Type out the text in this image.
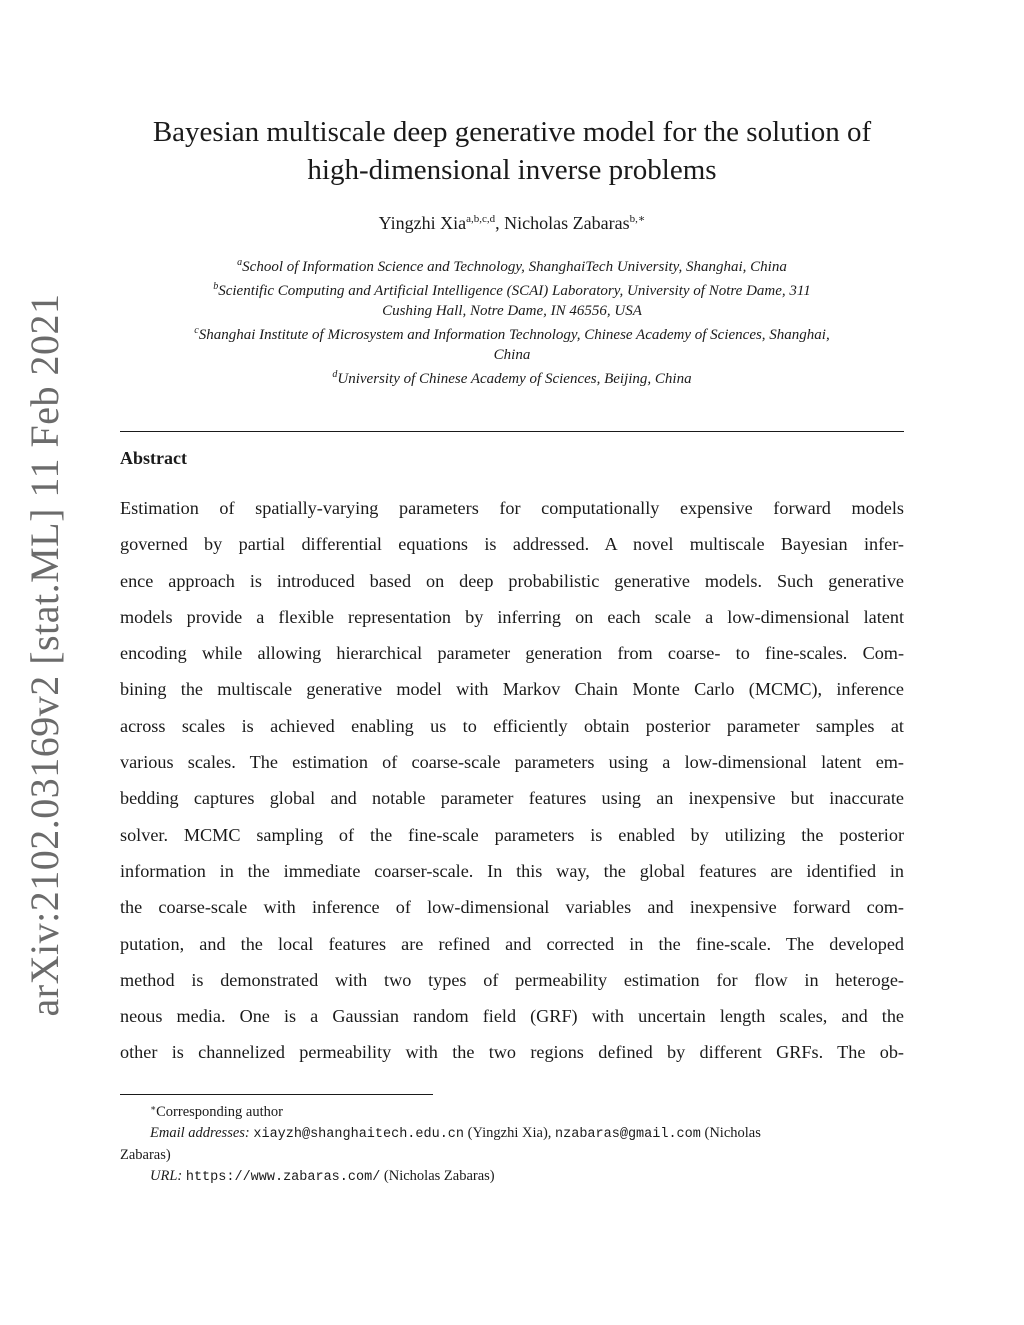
arXiv:2102.03169v2 [stat.ML] 11 Feb 2021
Bayesian multiscale deep generative model for the solution of
high-dimensional inverse problems
Yingzhi Xia$^{a,b,c,d}$, Nicholas Zabaras$^{b,∗}$
$^a$School of Information Science and Technology, ShanghaiTech University, Shanghai, China
$^b$Scientific Computing and Artificial Intelligence (SCAI) Laboratory, University of Notre Dame, 311
Cushing Hall, Notre Dame, IN 46556, USA
$^c$Shanghai Institute of Microsystem and Information Technology, Chinese Academy of Sciences, Shanghai,
China
$^d$University of Chinese Academy of Sciences, Beijing, China
Abstract
Estimation of spatially-varying parameters for computationally expensive forward models
governed by partial differential equations is addressed. A novel multiscale Bayesian infer-
ence approach is introduced based on deep probabilistic generative models. Such generative
models provide a flexible representation by inferring on each scale a low-dimensional latent
encoding while allowing hierarchical parameter generation from coarse- to fine-scales. Com-
bining the multiscale generative model with Markov Chain Monte Carlo (MCMC), inference
across scales is achieved enabling us to efficiently obtain posterior parameter samples at
various scales. The estimation of coarse-scale parameters using a low-dimensional latent em-
bedding captures global and notable parameter features using an inexpensive but inaccurate
solver. MCMC sampling of the fine-scale parameters is enabled by utilizing the posterior
information in the immediate coarser-scale. In this way, the global features are identified in
the coarse-scale with inference of low-dimensional variables and inexpensive forward com-
putation, and the local features are refined and corrected in the fine-scale. The developed
method is demonstrated with two types of permeability estimation for flow in heteroge-
neous media. One is a Gaussian random field (GRF) with uncertain length scales, and the
other is channelized permeability with the two regions defined by different GRFs. The ob-
∗Corresponding author
Email addresses: xiayzh@shanghaitech.edu.cn (Yingzhi Xia), nzabaras@gmail.com (Nicholas
Zabaras)
URL: https://www.zabaras.com/ (Nicholas Zabaras)
